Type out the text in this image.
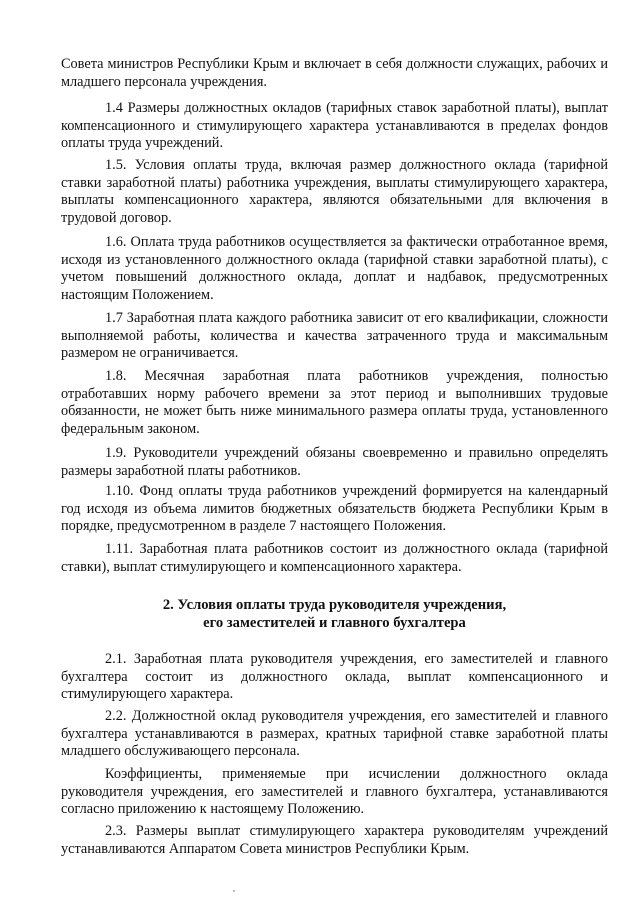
Совета министров Республики Крым и включает в себя должности служащих, рабочих и младшего персонала учреждения.

1.4 Размеры должностных окладов (тарифных ставок заработной платы), выплат компенсационного и стимулирующего характера устанавливаются в пределах фондов оплаты труда учреждений.

1.5. Условия оплаты труда, включая размер должностного оклада (тарифной ставки заработной платы) работника учреждения, выплаты стимулирующего характера, выплаты компенсационного характера, являются обязательными для включения в трудовой договор.

1.6. Оплата труда работников осуществляется за фактически отработанное время, исходя из установленного должностного оклада (тарифной ставки заработной платы), с учетом повышений должностного оклада, доплат и надбавок, предусмотренных настоящим Положением.

1.7 Заработная плата каждого работника зависит от его квалификации, сложности выполняемой работы, количества и качества затраченного труда и максимальным размером не ограничивается.

1.8. Месячная заработная плата работников учреждения, полностью отработавших норму рабочего времени за этот период и выполнивших трудовые обязанности, не может быть ниже минимального размера оплаты труда, установленного федеральным законом.

1.9. Руководители учреждений обязаны своевременно и правильно определять размеры заработной платы работников.

1.10. Фонд оплаты труда работников учреждений формируется на календарный год исходя из объема лимитов бюджетных обязательств бюджета Республики Крым в порядке, предусмотренном в разделе 7 настоящего Положения.

1.11. Заработная плата работников состоит из должностного оклада (тарифной ставки), выплат стимулирующего и компенсационного характера.

2. Условия оплаты труда руководителя учреждения,
его заместителей и главного бухгалтера

2.1. Заработная плата руководителя учреждения, его заместителей и главного бухгалтера состоит из должностного оклада, выплат компенсационного и стимулирующего характера.

2.2. Должностной оклад руководителя учреждения, его заместителей и главного бухгалтера устанавливаются в размерах, кратных тарифной ставке заработной платы младшего обслуживающего персонала.

Коэффициенты, применяемые при исчислении должностного оклада руководителя учреждения, его заместителей и главного бухгалтера, устанавливаются согласно приложению к настоящему Положению.

2.3. Размеры выплат стимулирующего характера руководителям учреждений устанавливаются Аппаратом Совета министров Республики Крым.
